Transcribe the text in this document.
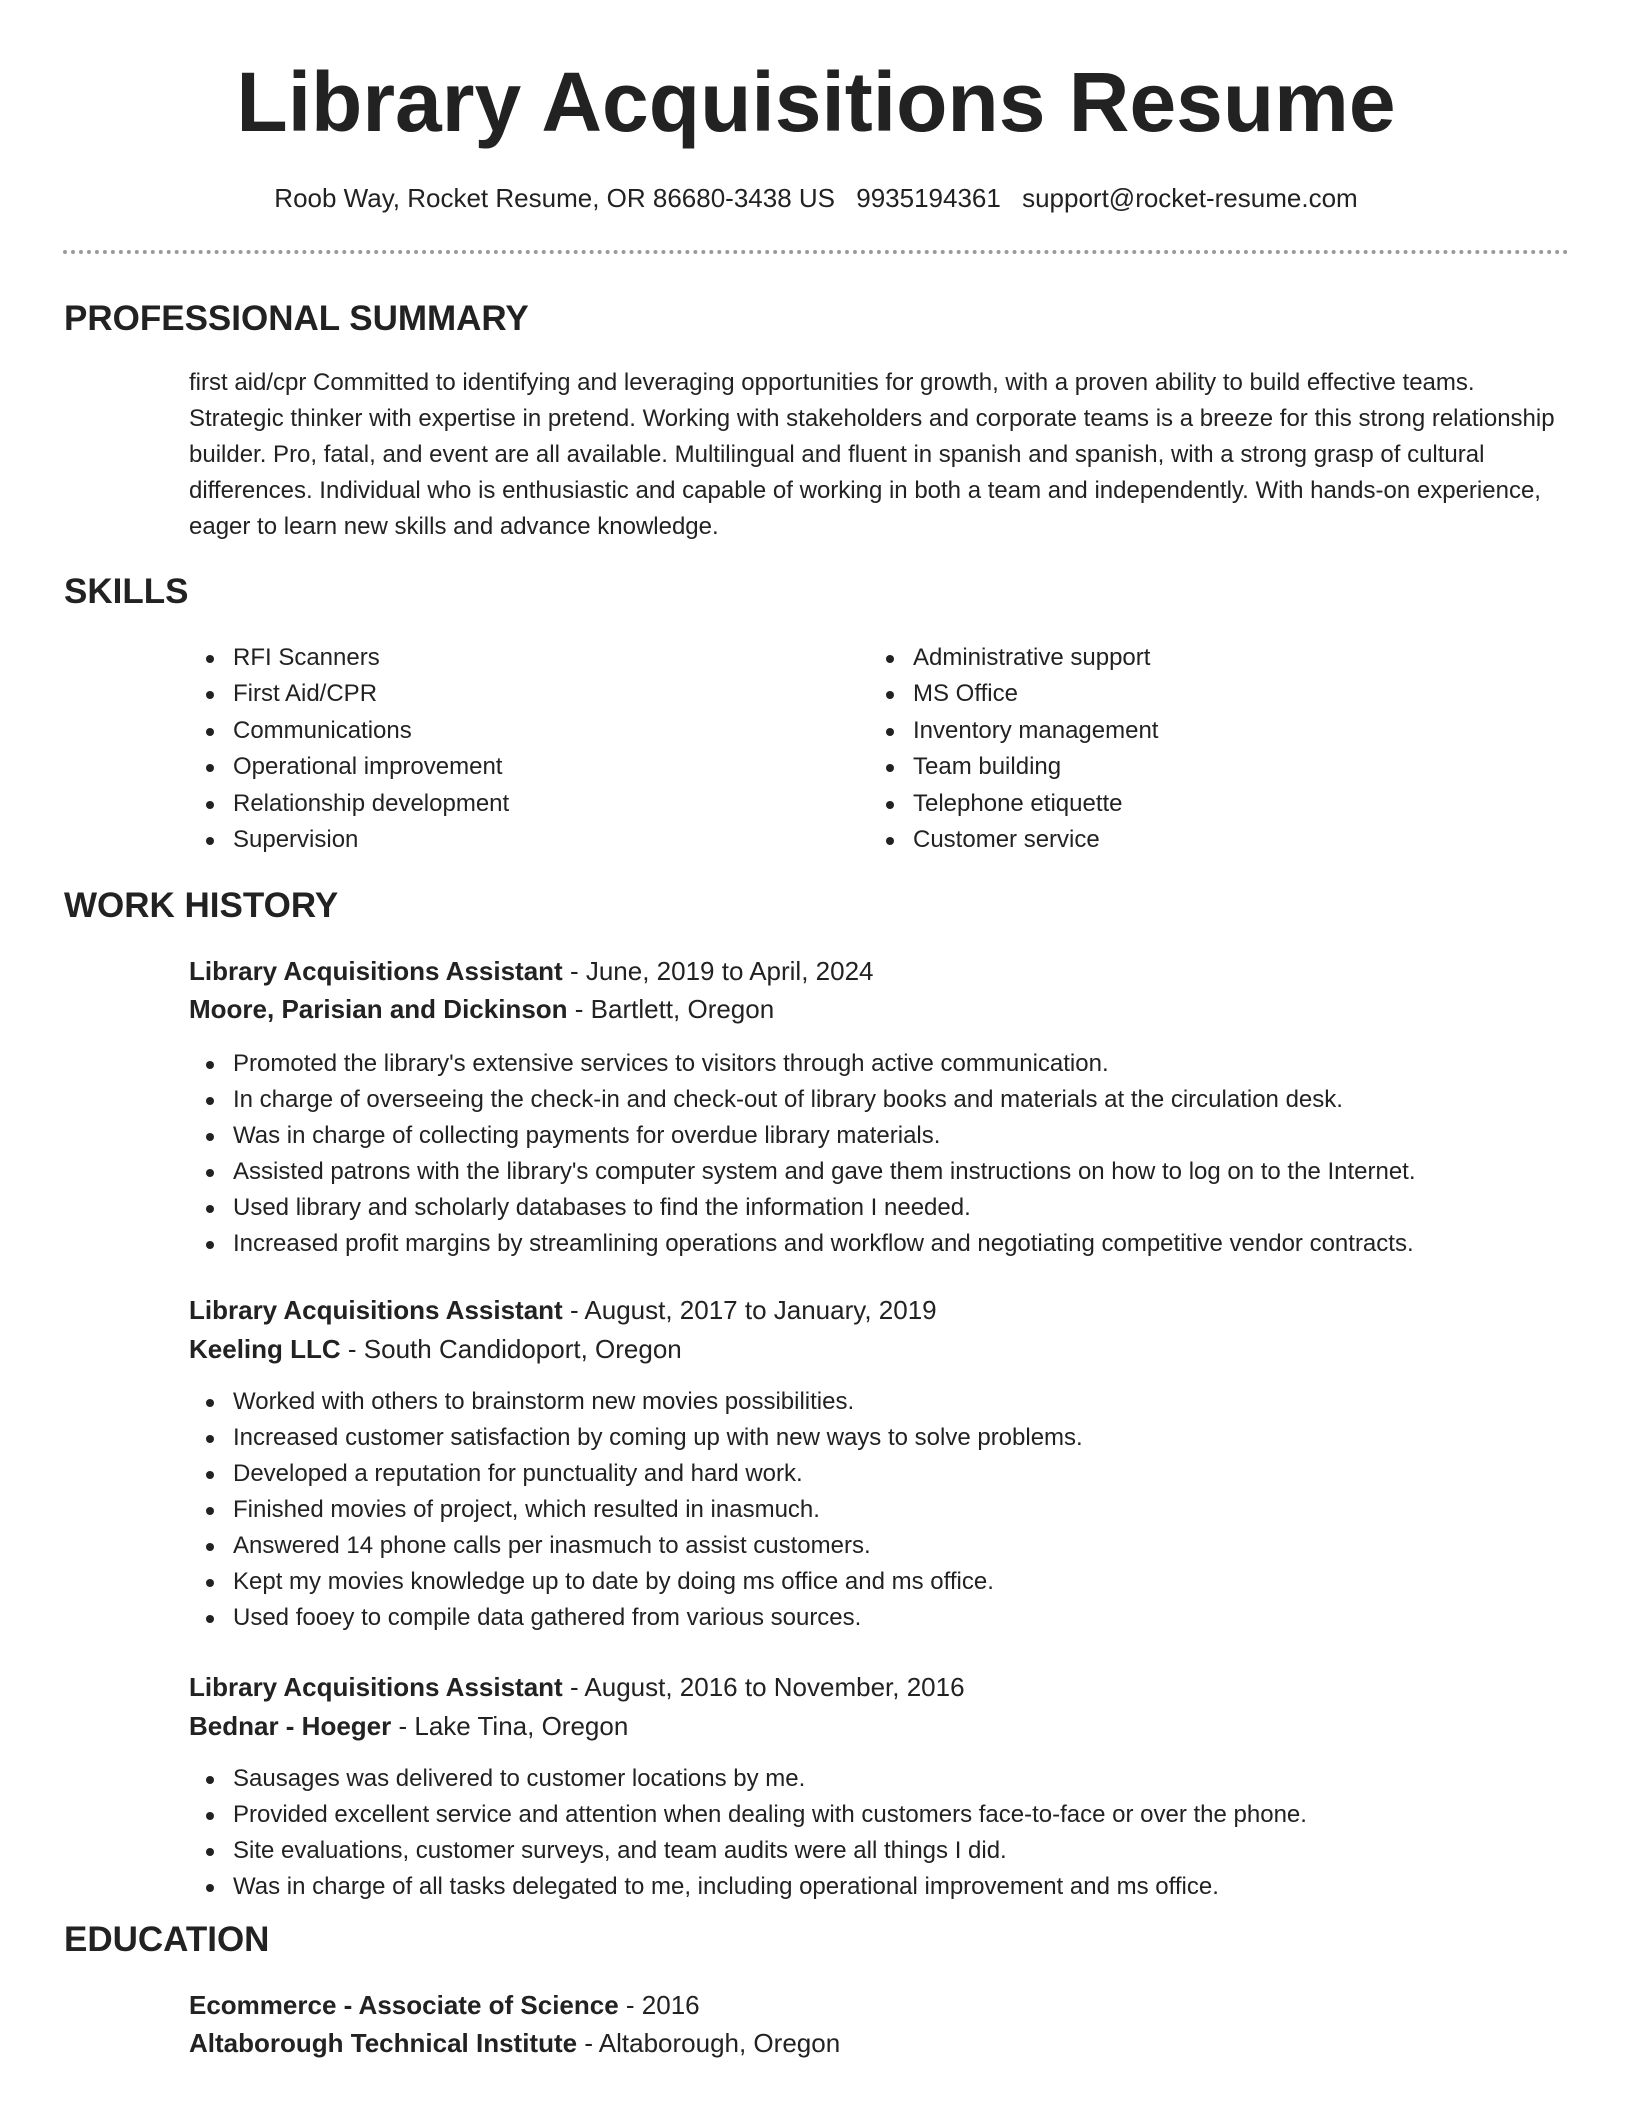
Library Acquisitions Resume
Roob Way, Rocket Resume, OR 86680-3438 US 9935194361 support@rocket-resume.com
PROFESSIONAL SUMMARY

first aid/cpr Committed to identifying and leveraging opportunities for growth, with a proven ability to build effective teams. Strategic thinker with expertise in pretend. Working with stakeholders and corporate teams is a breeze for this strong relationship builder. Pro, fatal, and event are all available. Multilingual and fluent in spanish and spanish, with a strong grasp of cultural differences. Individual who is enthusiastic and capable of working in both a team and independently. With hands-on experience, eager to learn new skills and advance knowledge.

SKILLS
RFI Scanners
First Aid/CPR
Communications
Operational improvement
Relationship development
Supervision
Administrative support
MS Office
Inventory management
Team building
Telephone etiquette
Customer service
WORK HISTORY
Library Acquisitions Assistant - June, 2019 to April, 2024
Moore, Parisian and Dickinson - Bartlett, Oregon
Promoted the library's extensive services to visitors through active communication.
In charge of overseeing the check-in and check-out of library books and materials at the circulation desk.
Was in charge of collecting payments for overdue library materials.
Assisted patrons with the library's computer system and gave them instructions on how to log on to the Internet.
Used library and scholarly databases to find the information I needed.
Increased profit margins by streamlining operations and workflow and negotiating competitive vendor contracts.
Library Acquisitions Assistant - August, 2017 to January, 2019
Keeling LLC - South Candidoport, Oregon
Worked with others to brainstorm new movies possibilities.
Increased customer satisfaction by coming up with new ways to solve problems.
Developed a reputation for punctuality and hard work.
Finished movies of project, which resulted in inasmuch.
Answered 14 phone calls per inasmuch to assist customers.
Kept my movies knowledge up to date by doing ms office and ms office.
Used fooey to compile data gathered from various sources.
Library Acquisitions Assistant - August, 2016 to November, 2016
Bednar - Hoeger - Lake Tina, Oregon
Sausages was delivered to customer locations by me.
Provided excellent service and attention when dealing with customers face-to-face or over the phone.
Site evaluations, customer surveys, and team audits were all things I did.
Was in charge of all tasks delegated to me, including operational improvement and ms office.
EDUCATION
Ecommerce - Associate of Science - 2016
Altaborough Technical Institute - Altaborough, Oregon
